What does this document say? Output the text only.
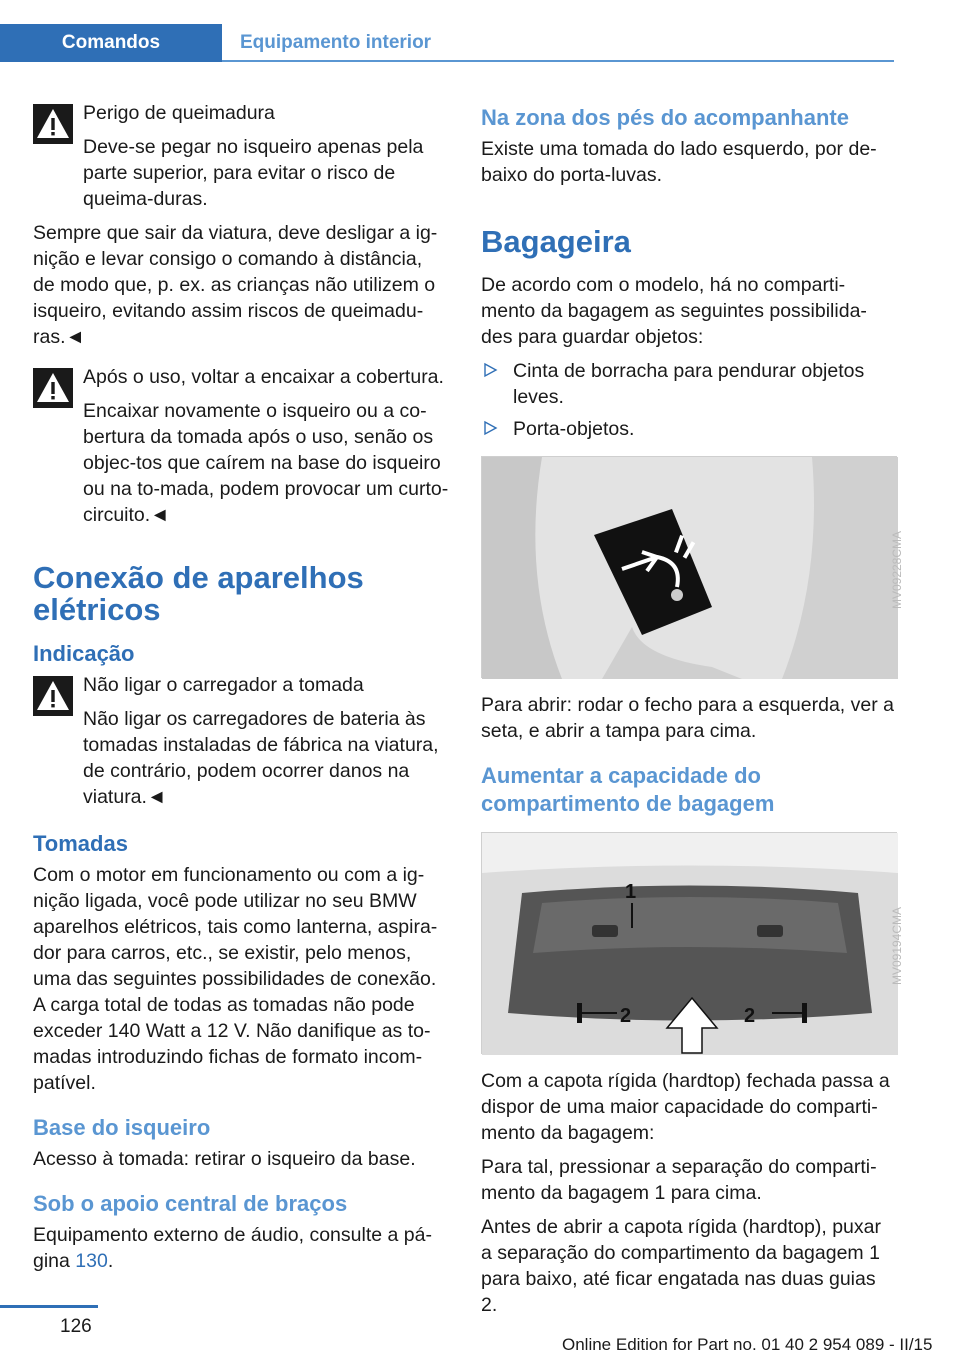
Comandos	Equipamento interior
Perigo de queimadura

Deve-se pegar no isqueiro apenas pela parte superior, para evitar o risco de queima-duras.

Sempre que sair da viatura, deve desligar a ig-nição e levar consigo o comando à distância, de modo que, p. ex. as crianças não utilizem o isqueiro, evitando assim riscos de queimadu-ras.◄

Após o uso, voltar a encaixar a cobertura.

Encaixar novamente o isqueiro ou a co-bertura da tomada após o uso, senão os objec-tos que caírem na base do isqueiro ou na to-mada, podem provocar um curto-circuito.◄

Conexão de aparelhos elétricos
Indicação
Não ligar o carregador a tomada

Não ligar os carregadores de bateria às tomadas instaladas de fábrica na viatura, de contrário, podem ocorrer danos na viatura.◄

Tomadas

Com o motor em funcionamento ou com a ig-nição ligada, você pode utilizar no seu BMW aparelhos elétricos, tais como lanterna, aspira-dor para carros, etc., se existir, pelo menos, uma das seguintes possibilidades de conexão. A carga total de todas as tomadas não pode exceder 140 Watt a 12 V. Não danifique as to-madas introduzindo fichas de formato incom-patível.

Base do isqueiro

Acesso à tomada: retirar o isqueiro da base.

Sob o apoio central de braços

Equipamento externo de áudio, consulte a pá-gina 130.

Na zona dos pés do acompanhante

Existe uma tomada do lado esquerdo, por de-baixo do porta-luvas.

Bagageira

De acordo com o modelo, há no comparti-mento da bagagem as seguintes possibilida-des para guardar objetos:

Cinta de borracha para pendurar objetos leves.
Porta-objetos.
MV09228CMA

Para abrir: rodar o fecho para a esquerda, ver a seta, e abrir a tampa para cima.

Aumentar a capacidade do compartimento de bagagem
1
2	2
MV09194CMA

Com a capota rígida (hardtop) fechada passa a dispor de uma maior capacidade do comparti-mento da bagagem:

Para tal, pressionar a separação do comparti-mento da bagagem 1 para cima.

Antes de abrir a capota rígida (hardtop), puxar a separação do compartimento da bagagem 1 para baixo, até ficar engatada nas duas guias 2.

126
Online Edition for Part no. 01 40 2 954 089 - II/15
